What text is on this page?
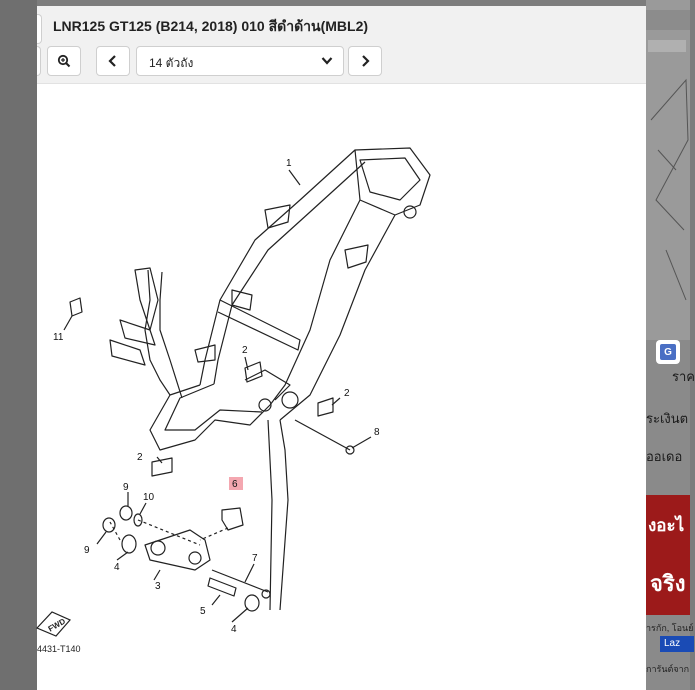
G
ราค
ระเงินต
ออเดอ
งอะไ
จริง
ารกัก, โอนย์
Laz
การันต์จาก
LNR125 GT125 (B214, 2018) 010 สีดำด้าน(MBL2)
14 ตัวถัง
1
2
2
2
3
4
4
5
6
7
8
9
9
10
11
FWD
4431-T140
